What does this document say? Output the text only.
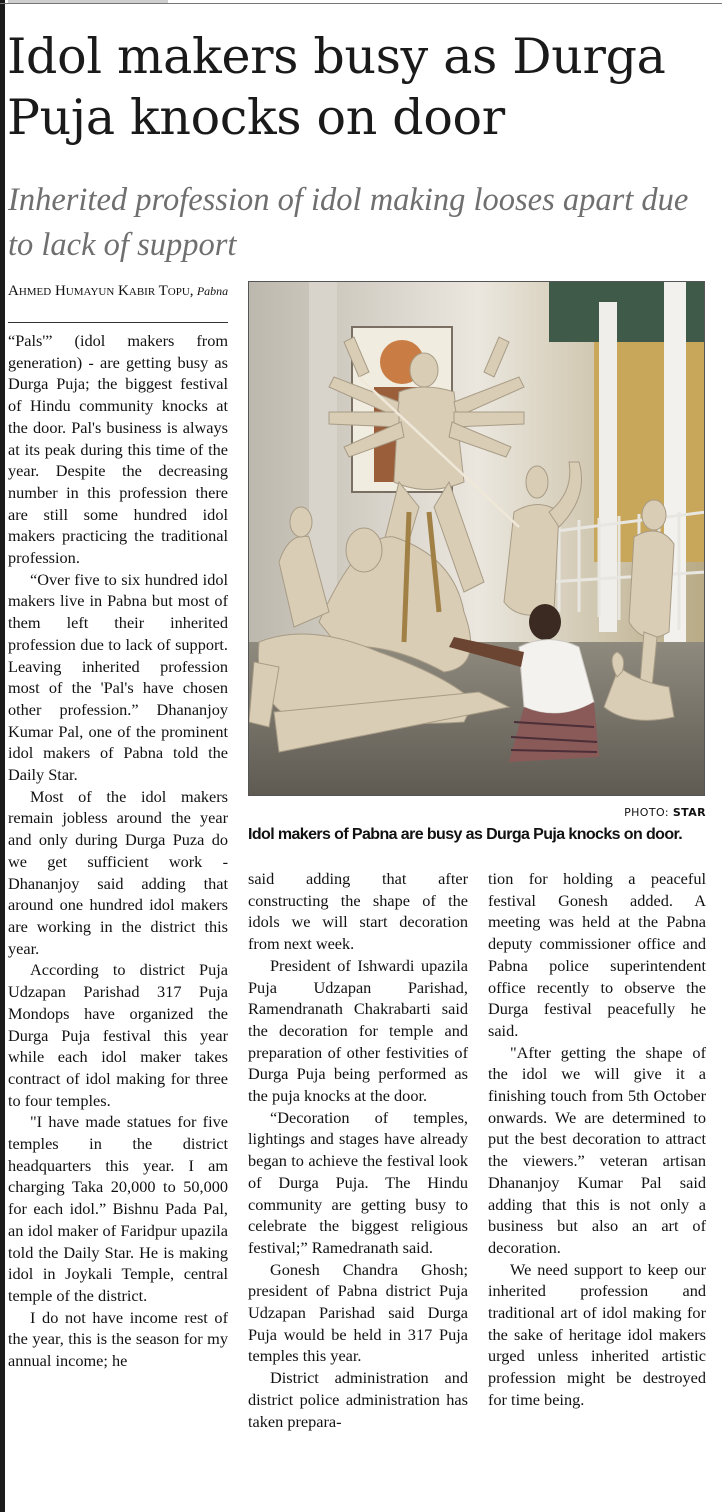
Idol makers busy as Durga Puja knocks on door
Inherited profession of idol making looses apart due to lack of support
Ahmed Humayun Kabir Topu, Pabna

“Pals'” (idol makers from generation) - are getting busy as Durga Puja; the biggest festival of Hindu community knocks at the door. Pal's business is always at its peak during this time of the year. Despite the decreasing number in this profession there are still some hundred idol makers practicing the traditional profession.

“Over five to six hundred idol makers live in Pabna but most of them left their inherited profession due to lack of support. Leaving inherited profession most of the 'Pal's have chosen other profession.” Dhananjoy Kumar Pal, one of the prominent idol makers of Pabna told the Daily Star.

Most of the idol makers remain jobless around the year and only during Durga Puza do we get sufficient work - Dhananjoy said adding that around one hundred idol makers are working in the district this year.

According to district Puja Udzapan Parishad 317 Puja Mondops have organized the Durga Puja festival this year while each idol maker takes contract of idol making for three to four temples.

"I have made statues for five temples in the district headquarters this year. I am charging Taka 20,000 to 50,000 for each idol.” Bishnu Pada Pal, an idol maker of Faridpur upazila told the Daily Star. He is making idol in Joykali Temple, central temple of the district.

I do not have income rest of the year, this is the season for my annual income; he

PHOTO: STAR
Idol makers of Pabna are busy as Durga Puja knocks on door.

said adding that after constructing the shape of the idols we will start decoration from next week.

President of Ishwardi upazila Puja Udzapan Parishad, Ramendranath Chakrabarti said the decoration for temple and preparation of other festivities of Durga Puja being performed as the puja knocks at the door.

“Decoration of temples, lightings and stages have already began to achieve the festival look of Durga Puja. The Hindu community are getting busy to celebrate the biggest religious festival;” Ramedranath said.

Gonesh Chandra Ghosh; president of Pabna district Puja Udzapan Parishad said Durga Puja would be held in 317 Puja temples this year.

District administration and district police administration has taken prepara-

tion for holding a peaceful festival Gonesh added. A meeting was held at the Pabna deputy commissioner office and Pabna police superintendent office recently to observe the Durga festival peacefully he said.

"After getting the shape of the idol we will give it a finishing touch from 5th October onwards. We are determined to put the best decoration to attract the viewers.” veteran artisan Dhananjoy Kumar Pal said adding that this is not only a business but also an art of decoration.

We need support to keep our inherited profession and traditional art of idol making for the sake of heritage idol makers urged unless inherited artistic profession might be destroyed for time being.
